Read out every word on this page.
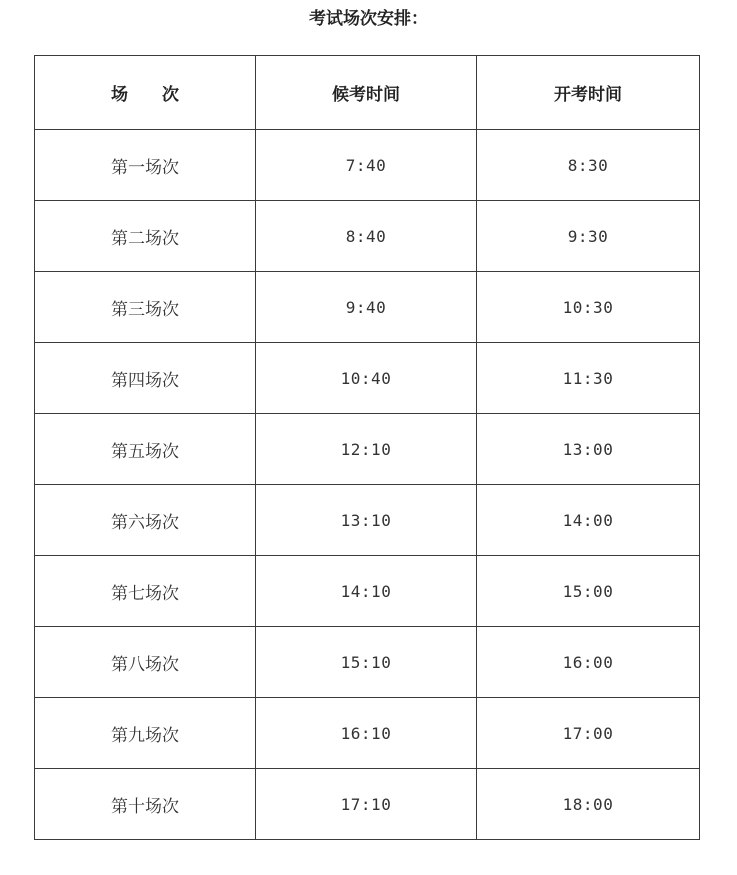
考试场次安排：
场　　次	候考时间	开考时间
第一场次	7:40	8:30
第二场次	8:40	9:30
第三场次	9:40	10:30
第四场次	10:40	11:30
第五场次	12:10	13:00
第六场次	13:10	14:00
第七场次	14:10	15:00
第八场次	15:10	16:00
第九场次	16:10	17:00
第十场次	17:10	18:00
